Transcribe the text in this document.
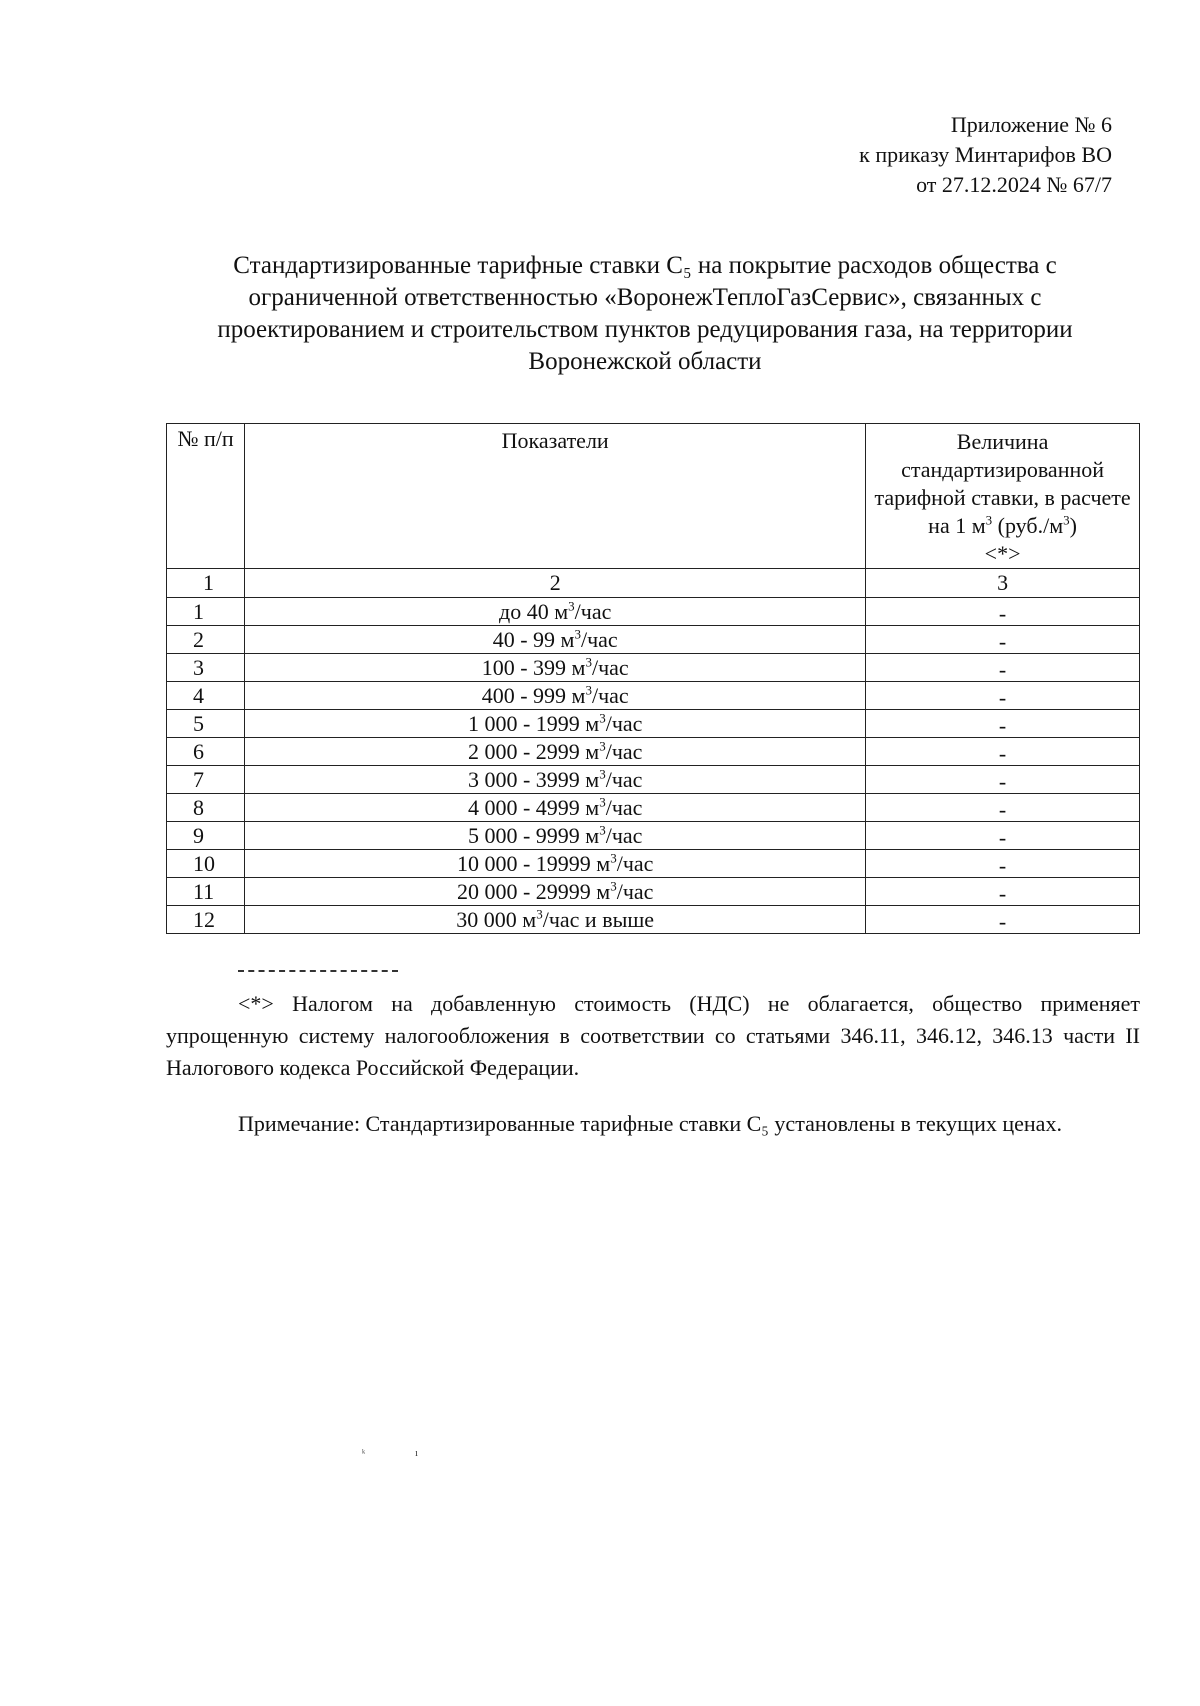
Приложение № 6
к приказу Минтарифов ВО
от 27.12.2024 № 67/7
Стандартизированные тарифные ставки C₅ на покрытие расходов общества с
ограниченной ответственностью «ВоронежТеплоГазСервис», связанных с
проектированием и строительством пунктов редуцирования газа, на территории
Воронежской области
№ п/п	Показатели	Величина стандартизированной тарифной ставки, в расчете на 1 $м^3$ $(руб./м^3)$
<*>
1	2	3
1	до 40 $м^3$/час	-
2	40 - 99 $м^3$/час	-
3	100 - 399 $м^3$/час	-
4	400 - 999 $м^3$/час	-
5	1 000 - 1999 $м^3$/час	-
6	2 000 - 2999 $м^3$/час	-
7	3 000 - 3999 $м^3$/час	-
8	4 000 - 4999 $м^3$/час	-
9	5 000 - 9999 $м^3$/час	-
10	10 000 - 19999 $м^3$/час	-
11	20 000 - 29999 $м^3$/час	-
12	30 000 $м^3$/час и выше	-
<*> Налогом на добавленную стоимость (НДС) не облагается, общество применяет упрощенную систему налогообложения в соответствии со статьями 346.11, 346.12, 346.13 части II Налогового кодекса Российской Федерации.
Примечание: Стандартизированные тарифные ставки C₅ установлены в текущих ценах.
ᵏ                    ı
